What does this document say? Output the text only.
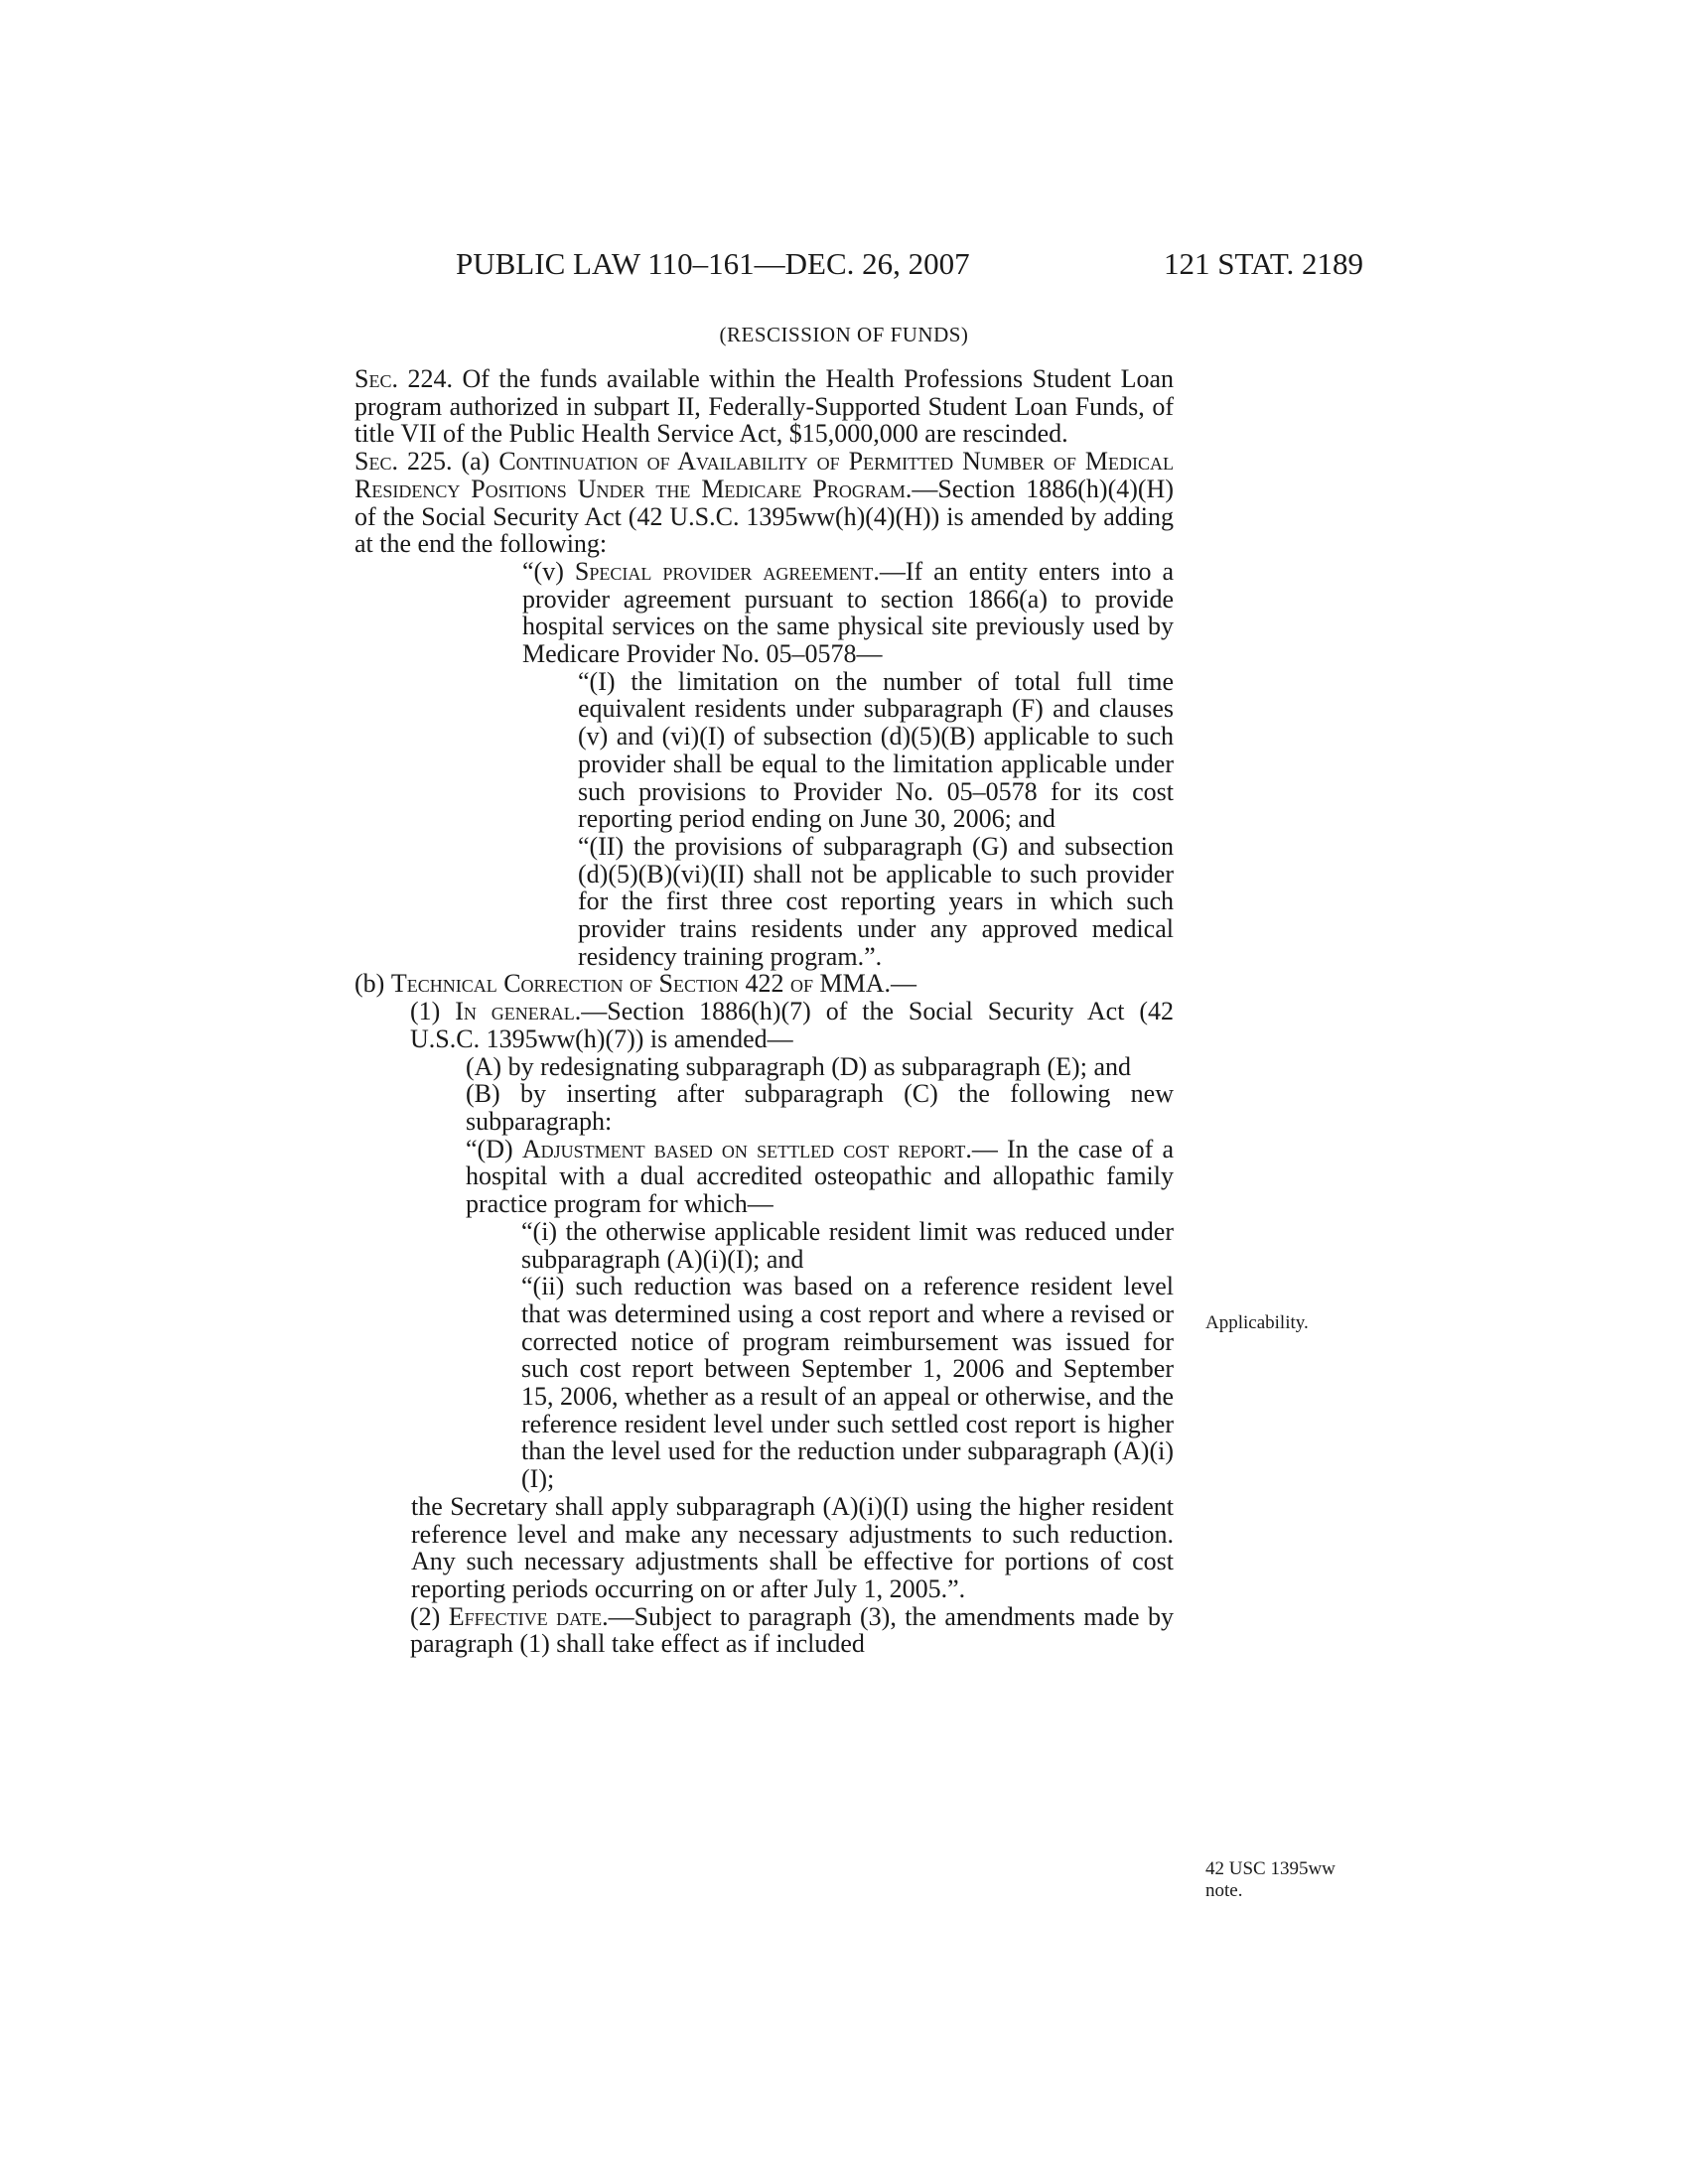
PUBLIC LAW 110–161—DEC. 26, 2007	121 STAT. 2189
(RESCISSION OF FUNDS)

Sec. 224. Of the funds available within the Health Professions Student Loan program authorized in subpart II, Federally-Supported Student Loan Funds, of title VII of the Public Health Service Act, $15,000,000 are rescinded.

Sec. 225. (a) Continuation of Availability of Permitted Number of Medical Residency Positions Under the Medicare Program.—Section 1886(h)(4)(H) of the Social Security Act (42 U.S.C. 1395ww(h)(4)(H)) is amended by adding at the end the following:

“(v) Special provider agreement.—If an entity enters into a provider agreement pursuant to section 1866(a) to provide hospital services on the same physical site previously used by Medicare Provider No. 05–0578—

“(I) the limitation on the number of total full time equivalent residents under subparagraph (F) and clauses (v) and (vi)(I) of subsection (d)(5)(B) applicable to such provider shall be equal to the limitation applicable under such provisions to Provider No. 05–0578 for its cost reporting period ending on June 30, 2006; and

“(II) the provisions of subparagraph (G) and subsection (d)(5)(B)(vi)(II) shall not be applicable to such provider for the first three cost reporting years in which such provider trains residents under any approved medical residency training program.”.

(b) Technical Correction of Section 422 of MMA.—

(1) In general.—Section 1886(h)(7) of the Social Security Act (42 U.S.C. 1395ww(h)(7)) is amended—

(A) by redesignating subparagraph (D) as subparagraph (E); and

(B) by inserting after subparagraph (C) the following new subparagraph:

“(D) Adjustment based on settled cost report.— In the case of a hospital with a dual accredited osteopathic and allopathic family practice program for which—

“(i) the otherwise applicable resident limit was reduced under subparagraph (A)(i)(I); and

“(ii) such reduction was based on a reference resident level that was determined using a cost report and where a revised or corrected notice of program reimbursement was issued for such cost report between September 1, 2006 and September 15, 2006, whether as a result of an appeal or otherwise, and the reference resident level under such settled cost report is higher than the level used for the reduction under subparagraph (A)(i)(I);

the Secretary shall apply subparagraph (A)(i)(I) using the higher resident reference level and make any necessary adjustments to such reduction. Any such necessary adjustments shall be effective for portions of cost reporting periods occurring on or after July 1, 2005.”.

(2) Effective date.—Subject to paragraph (3), the amendments made by paragraph (1) shall take effect as if included

Applicability.
42 USC 1395ww
note.
